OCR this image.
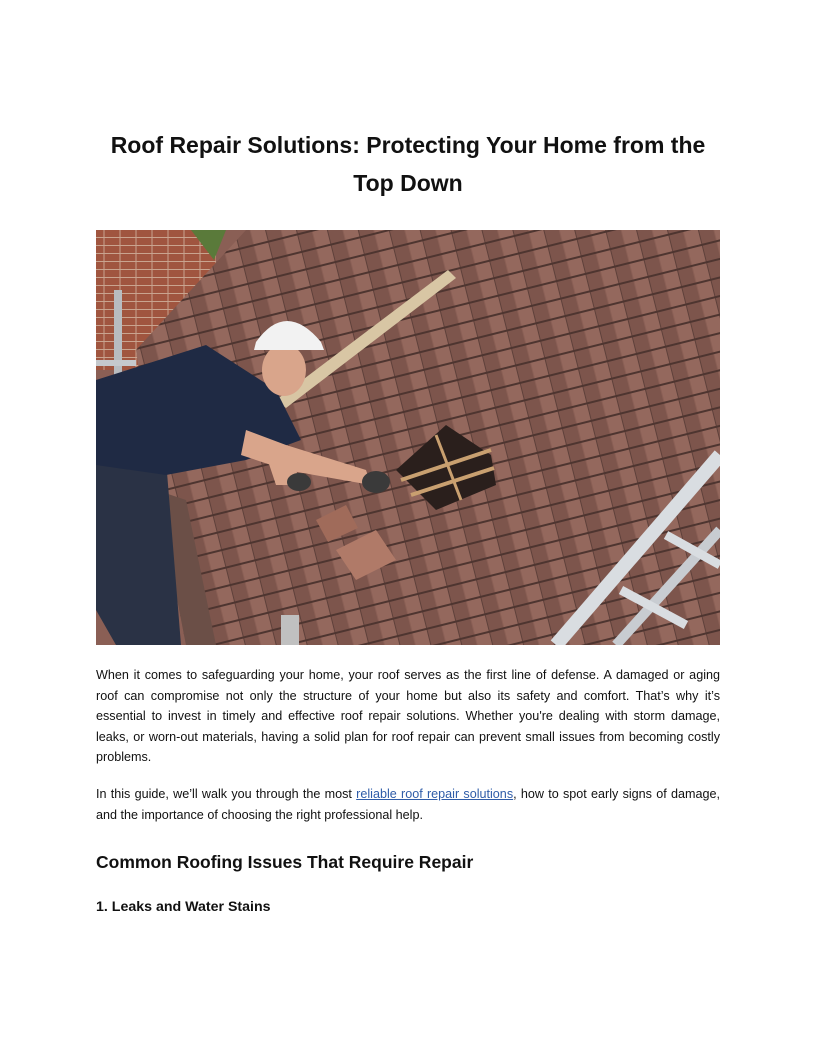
Roof Repair Solutions: Protecting Your Home from the Top Down

When it comes to safeguarding your home, your roof serves as the first line of defense. A damaged or aging roof can compromise not only the structure of your home but also its safety and comfort. That’s why it’s essential to invest in timely and effective roof repair solutions. Whether you're dealing with storm damage, leaks, or worn-out materials, having a solid plan for roof repair can prevent small issues from becoming costly problems.

In this guide, we’ll walk you through the most reliable roof repair solutions, how to spot early signs of damage, and the importance of choosing the right professional help.

Common Roofing Issues That Require Repair
1. Leaks and Water Stains
